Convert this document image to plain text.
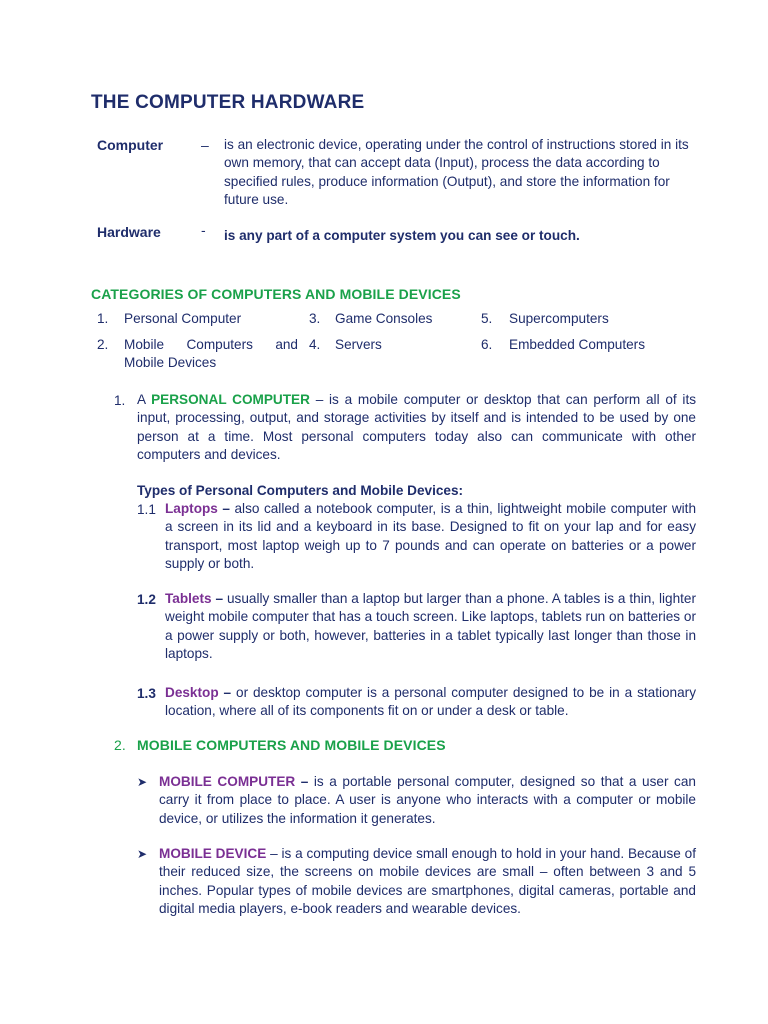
THE COMPUTER HARDWARE
Computer	– is an electronic device, operating under the control of instructions stored in its own memory, that can accept data (Input), process the data according to specified rules, produce information (Output), and store the information for future use.
Hardware	- is any part of a computer system you can see or touch.
CATEGORIES OF COMPUTERS AND MOBILE DEVICES
1. Personal Computer
2. Mobile Computers and
Mobile Devices
3. Game Consoles
4. Servers
5. Supercomputers
6. Embedded Computers
1. A PERSONAL COMPUTER – is a mobile computer or desktop that can perform all of its input, processing, output, and storage activities by itself and is intended to be used by one person at a time. Most personal computers today also can communicate with other computers and devices.
Types of Personal Computers and Mobile Devices:
1.1 Laptops – also called a notebook computer, is a thin, lightweight mobile computer with a screen in its lid and a keyboard in its base. Designed to fit on your lap and for easy transport, most laptop weigh up to 7 pounds and can operate on batteries or a power supply or both.
1.2 Tablets – usually smaller than a laptop but larger than a phone. A tables is a thin, lighter weight mobile computer that has a touch screen. Like laptops, tablets run on batteries or a power supply or both, however, batteries in a tablet typically last longer than those in laptops.
1.3 Desktop – or desktop computer is a personal computer designed to be in a stationary location, where all of its components fit on or under a desk or table.
2. MOBILE COMPUTERS AND MOBILE DEVICES
➤ MOBILE COMPUTER – is a portable personal computer, designed so that a user can carry it from place to place. A user is anyone who interacts with a computer or mobile device, or utilizes the information it generates.
➤ MOBILE DEVICE – is a computing device small enough to hold in your hand. Because of their reduced size, the screens on mobile devices are small – often between 3 and 5 inches. Popular types of mobile devices are smartphones, digital cameras, portable and digital media players, e-book readers and wearable devices.
